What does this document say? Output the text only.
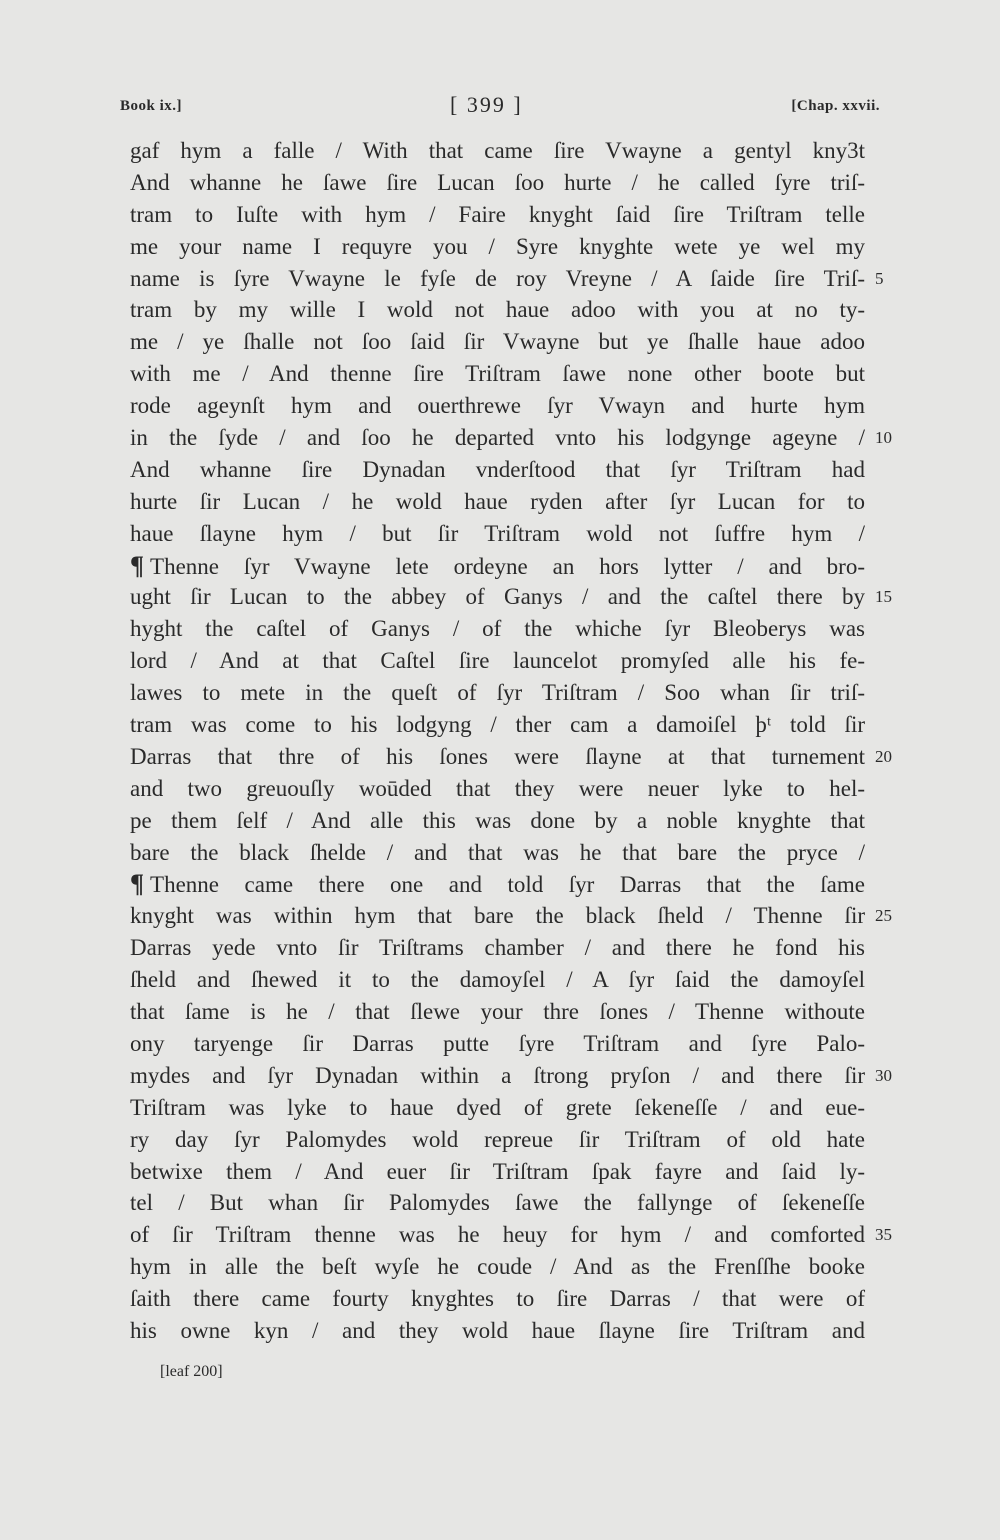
Book ix.]	[ 399 ]	[Chap. xxvii.
gaf hym a falle / With that came ſire Vwayne a gentyl kny3t
And whanne he ſawe ſire Lucan ſoo hurte / he called ſyre triſ-
tram to Iuſte with hym / Faire knyght ſaid ſire Triſtram telle
me your name I requyre you / Syre knyghte wete ye wel my
name is ſyre Vwayne le fyſe de roy Vreyne / A ſaide ſire Triſ- 5
tram by my wille I wold not haue adoo with you at no ty-
me / ye ſhalle not ſoo ſaid ſir Vwayne but ye ſhalle haue adoo
with me / And thenne ſire Triſtram ſawe none other boote but
rode ageynſt hym and ouerthrewe ſyr Vwayn and hurte hym
in the ſyde / and ſoo he departed vnto his lodgynge ageyne / 10
And whanne ſire Dynadan vnderſtood that ſyr Triſtram had
hurte ſir Lucan / he wold haue ryden after ſyr Lucan for to
haue ſlayne hym / but ſir Triſtram wold not ſuffre hym /
¶ Thenne ſyr Vwayne lete ordeyne an hors lytter / and bro-
ught ſir Lucan to the abbey of Ganys / and the caſtel there by 15
hyght the caſtel of Ganys / of the whiche ſyr Bleoberys was
lord / And at that Caſtel ſire launcelot promyſed alle his fe-
lawes to mete in the queſt of ſyr Triſtram / Soo whan ſir triſ-
tram was come to his lodgyng / ther cam a damoiſel þᵗ told ſir
Darras that thre of his ſones were ſlayne at that turnement 20
and two greuouſly woūded that they were neuer lyke to hel-
pe them ſelf / And alle this was done by a noble knyghte that
bare the black ſhelde / and that was he that bare the pryce /
¶ Thenne came there one and told ſyr Darras that the ſame
knyght was within hym that bare the black ſheld / Thenne ſir 25
Darras yede vnto ſir Triſtrams chamber / and there he fond his
ſheld and ſhewed it to the damoyſel / A ſyr ſaid the damoyſel
that ſame is he / that ſlewe your thre ſones / Thenne withoute
ony taryenge ſir Darras putte ſyre Triſtram and ſyre Palo-
mydes and ſyr Dynadan within a ſtrong pryſon / and there ſir 30
Triſtram was lyke to haue dyed of grete ſekeneſſe / and eue-
ry day ſyr Palomydes wold repreue ſir Triſtram of old hate
betwixe them / And euer ſir Triſtram ſpak fayre and ſaid ly-
tel / But whan ſir Palomydes ſawe the fallynge of ſekeneſſe
of ſir Triſtram thenne was he heuy for hym / and comforted 35
hym in alle the beſt wyſe he coude / And as the Frenſſhe booke
ſaith there came fourty knyghtes to ſire Darras / that were of
his owne kyn / and they wold haue ſlayne ſire Triſtram and
[leaf 200]
